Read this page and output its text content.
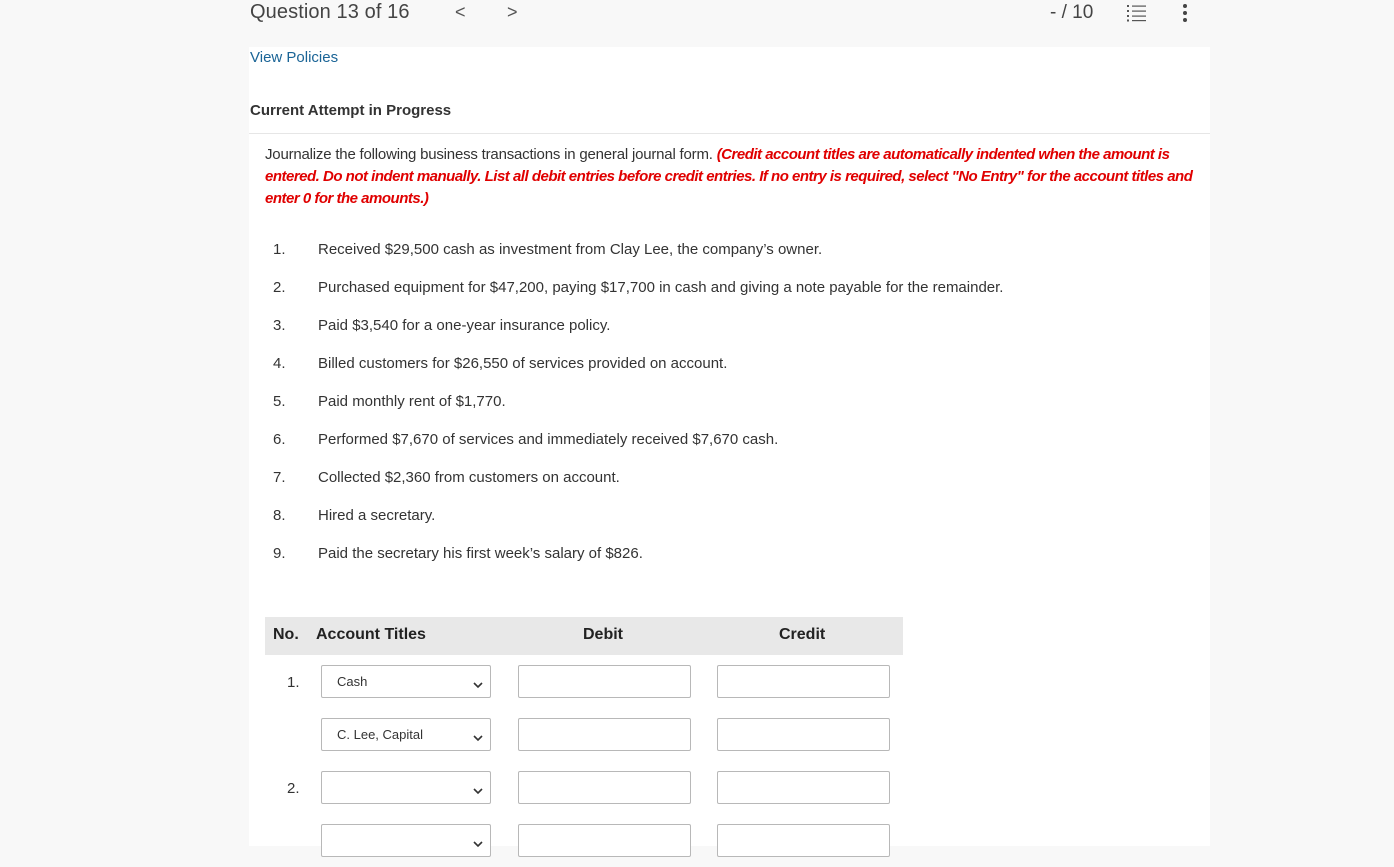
Question 13 of 16	< >	- / 10
View Policies
Current Attempt in Progress
Journalize the following business transactions in general journal form. (Credit account titles are automatically indented when the amount is entered. Do not indent manually. List all debit entries before credit entries. If no entry is required, select "No Entry" for the account titles and enter 0 for the amounts.)
1. Received $29,500 cash as investment from Clay Lee, the company’s owner.
2. Purchased equipment for $47,200, paying $17,700 in cash and giving a note payable for the remainder.
3. Paid $3,540 for a one-year insurance policy.
4. Billed customers for $26,550 of services provided on account.
5. Paid monthly rent of $1,770.
6. Performed $7,670 of services and immediately received $7,670 cash.
7. Collected $2,360 from customers on account.
8. Hired a secretary.
9. Paid the secretary his first week’s salary of $826.
No. Account Titles	Debit	Credit
1.	Cash
C. Lee, Capital
2.
